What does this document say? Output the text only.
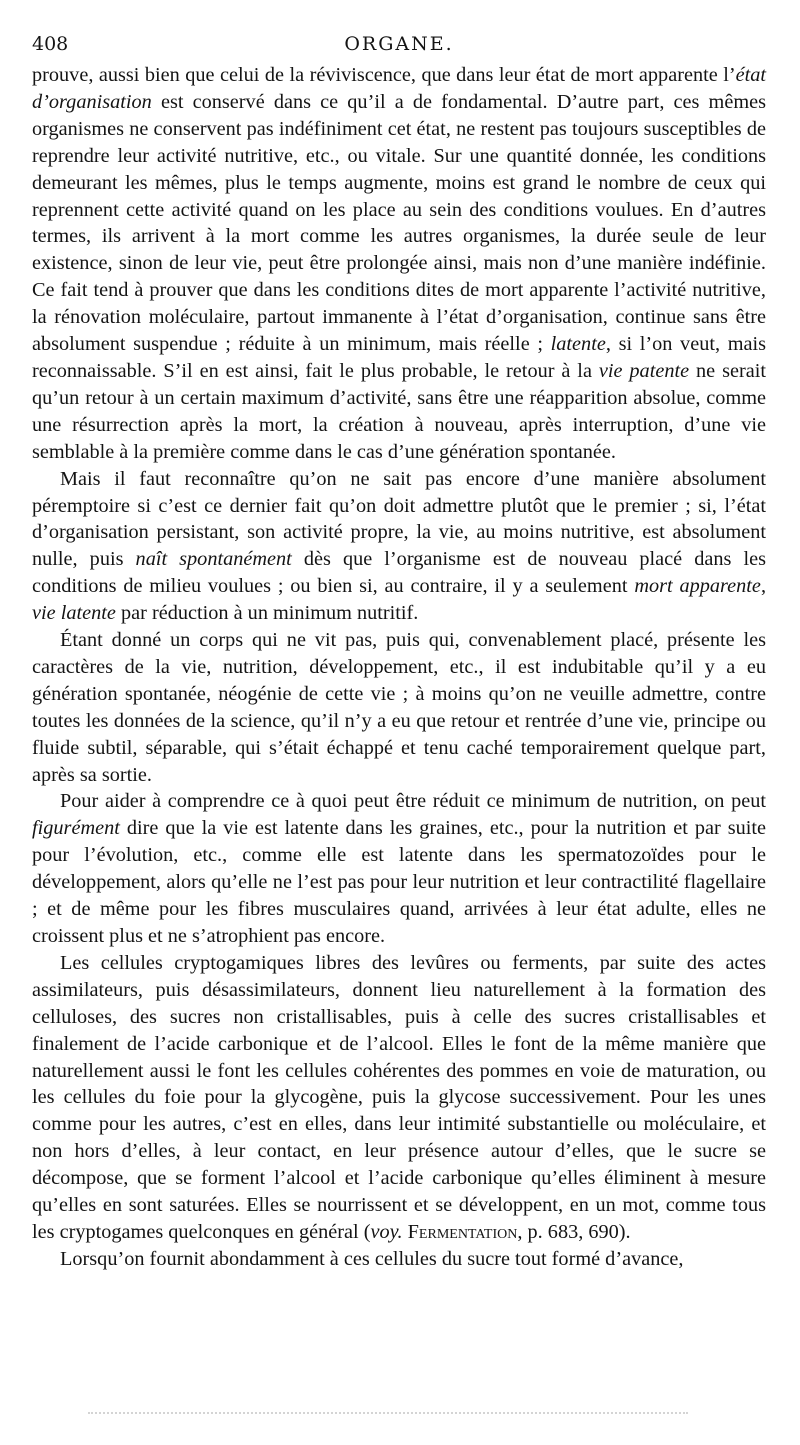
408	ORGANE.

prouve, aussi bien que celui de la réviviscence, que dans leur état de mort apparente l’état d’organisation est conservé dans ce qu’il a de fondamental. D’autre part, ces mêmes organismes ne conservent pas indéfiniment cet état, ne restent pas toujours susceptibles de reprendre leur activité nutritive, etc., ou vitale. Sur une quantité donnée, les conditions demeurant les mêmes, plus le temps augmente, moins est grand le nombre de ceux qui reprennent cette activité quand on les place au sein des conditions voulues. En d’autres termes, ils arrivent à la mort comme les autres organismes, la durée seule de leur existence, sinon de leur vie, peut être prolongée ainsi, mais non d’une manière indéfinie. Ce fait tend à prouver que dans les conditions dites de mort apparente l’activité nutritive, la rénovation moléculaire, partout immanente à l’état d’organisation, continue sans être absolument suspendue ; réduite à un minimum, mais réelle ; latente, si l’on veut, mais reconnaissable. S’il en est ainsi, fait le plus probable, le retour à la vie patente ne serait qu’un retour à un certain maximum d’activité, sans être une réapparition absolue, comme une résurrection après la mort, la création à nouveau, après interruption, d’une vie semblable à la première comme dans le cas d’une génération spontanée.

Mais il faut reconnaître qu’on ne sait pas encore d’une manière absolument péremptoire si c’est ce dernier fait qu’on doit admettre plutôt que le premier ; si, l’état d’organisation persistant, son activité propre, la vie, au moins nutritive, est absolument nulle, puis naît spontanément dès que l’organisme est de nouveau placé dans les conditions de milieu voulues ; ou bien si, au contraire, il y a seulement mort apparente, vie latente par réduction à un minimum nutritif.

Étant donné un corps qui ne vit pas, puis qui, convenablement placé, présente les caractères de la vie, nutrition, développement, etc., il est indubitable qu’il y a eu génération spontanée, néogénie de cette vie ; à moins qu’on ne veuille admettre, contre toutes les données de la science, qu’il n’y a eu que retour et rentrée d’une vie, principe ou fluide subtil, séparable, qui s’était échappé et tenu caché temporairement quelque part, après sa sortie.

Pour aider à comprendre ce à quoi peut être réduit ce minimum de nutrition, on peut figurément dire que la vie est latente dans les graines, etc., pour la nutrition et par suite pour l’évolution, etc., comme elle est latente dans les spermatozoïdes pour le développement, alors qu’elle ne l’est pas pour leur nutrition et leur contractilité flagellaire ; et de même pour les fibres musculaires quand, arrivées à leur état adulte, elles ne croissent plus et ne s’atrophient pas encore.

Les cellules cryptogamiques libres des levûres ou ferments, par suite des actes assimilateurs, puis désassimilateurs, donnent lieu naturellement à la formation des celluloses, des sucres non cristallisables, puis à celle des sucres cristallisables et finalement de l’acide carbonique et de l’alcool. Elles le font de la même manière que naturellement aussi le font les cellules cohérentes des pommes en voie de maturation, ou les cellules du foie pour la glycogène, puis la glycose successivement. Pour les unes comme pour les autres, c’est en elles, dans leur intimité substantielle ou moléculaire, et non hors d’elles, à leur contact, en leur présence autour d’elles, que le sucre se décompose, que se forment l’alcool et l’acide carbonique qu’elles éliminent à mesure qu’elles en sont saturées. Elles se nourrissent et se développent, en un mot, comme tous les cryptogames quelconques en général (voy. Fermentation, p. 683, 690).

Lorsqu’on fournit abondamment à ces cellules du sucre tout formé d’avance,
